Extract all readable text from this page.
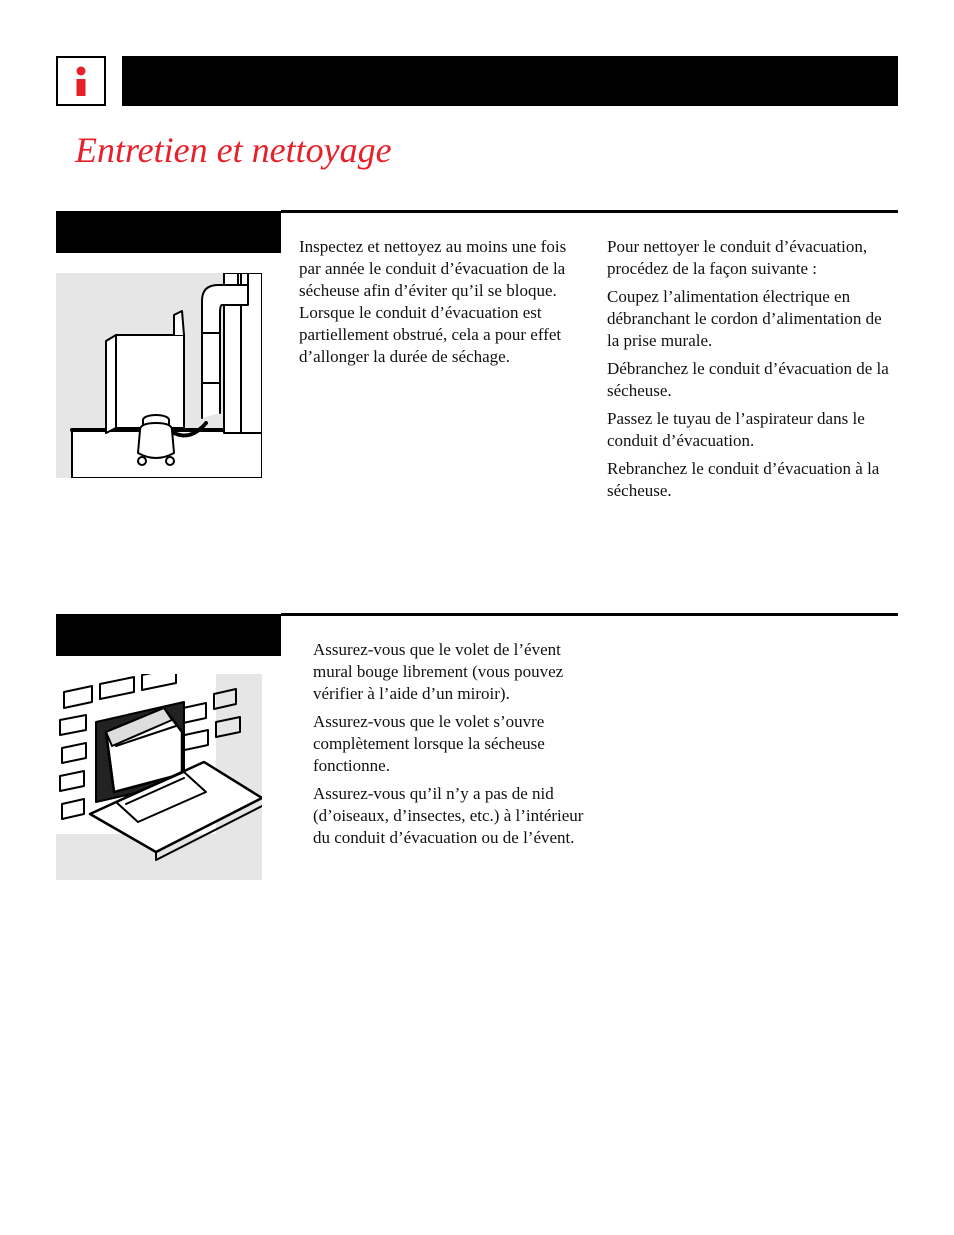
Entretien et nettoyage

Inspectez et nettoyez au moins une fois par année le conduit d’évacuation de la sécheuse afin d’éviter qu’il se bloque. Lorsque le conduit d’évacuation est partiellement obstrué, cela a pour effet d’allonger la durée de séchage.

Pour nettoyer le conduit d’évacuation, procédez de la façon suivante :

Coupez l’alimentation électrique en débranchant le cordon d’alimentation de la prise murale.

Débranchez le conduit d’évacuation de la sécheuse.

Passez le tuyau de l’aspirateur dans le conduit d’évacuation.

Rebranchez le conduit d’évacuation à la sécheuse.

Assurez-vous que le volet de l’évent mural bouge librement (vous pouvez vérifier à l’aide d’un miroir).

Assurez-vous que le volet s’ouvre complètement lorsque la sécheuse fonctionne.

Assurez-vous qu’il n’y a pas de nid (d’oiseaux, d’insectes, etc.) à l’intérieur du conduit d’évacuation ou de l’évent.
